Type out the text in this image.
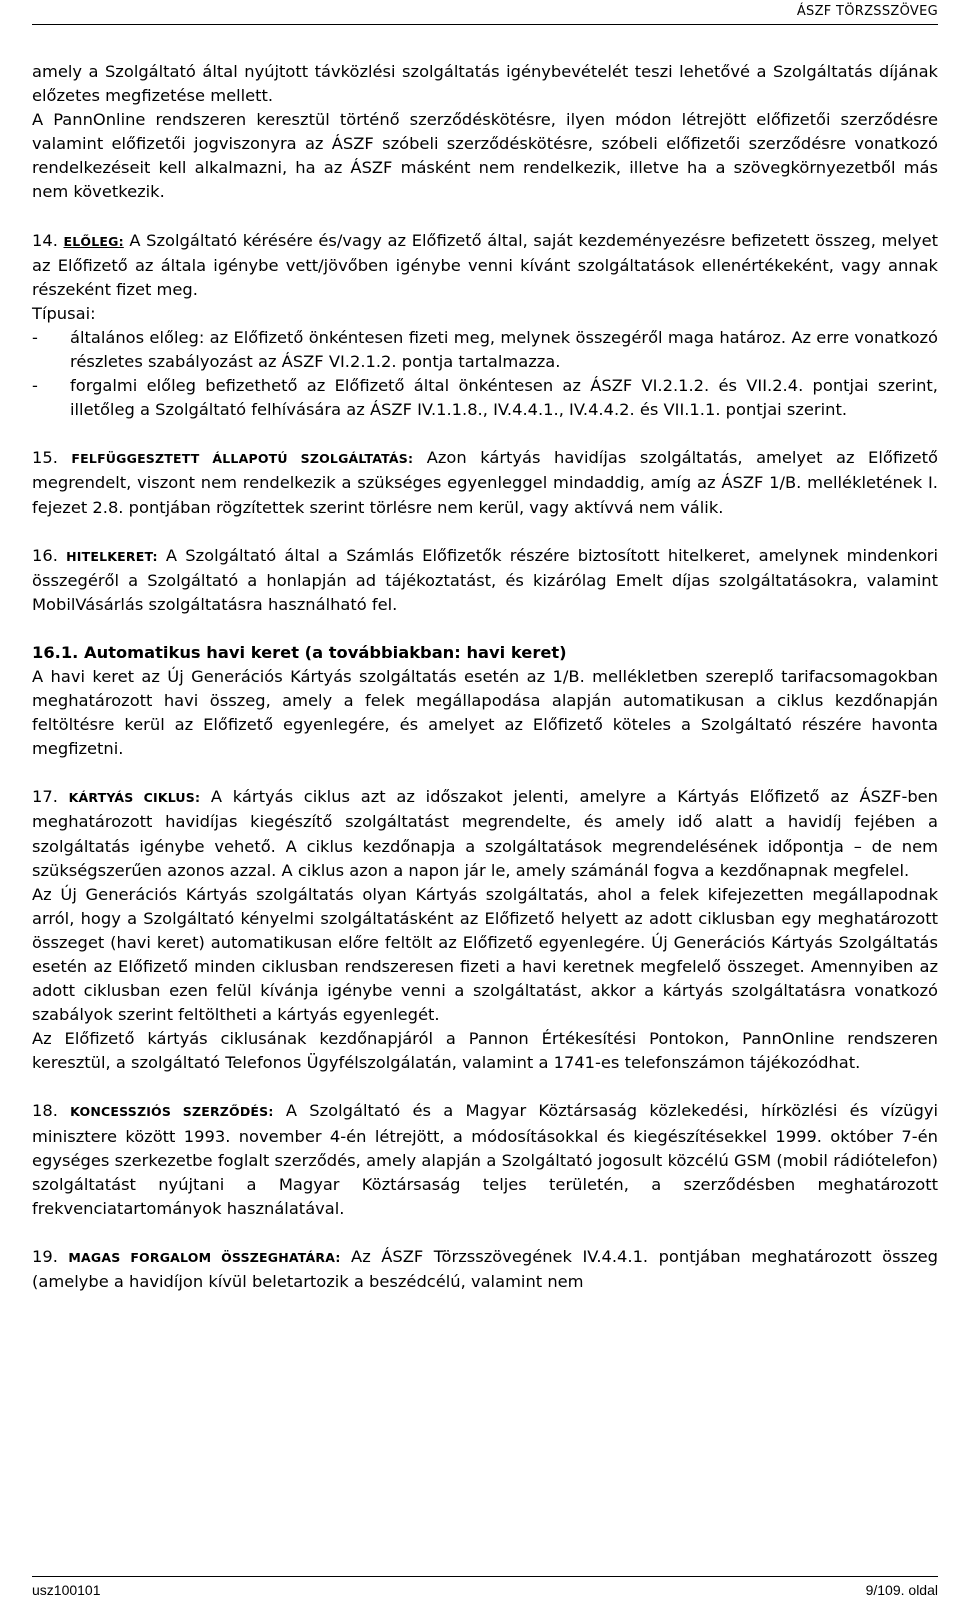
ÁSZF TÖRZSSZÖVEG

amely a Szolgáltató által nyújtott távközlési szolgáltatás igénybevételét teszi lehetővé a Szolgáltatás díjának előzetes megfizetése mellett.

A PannOnline rendszeren keresztül történő szerződéskötésre, ilyen módon létrejött előfizetői szerződésre valamint előfizetői jogviszonyra az ÁSZF szóbeli szerződéskötésre, szóbeli előfizetői szerződésre vonatkozó rendelkezéseit kell alkalmazni, ha az ÁSZF másként nem rendelkezik, illetve ha a szövegkörnyezetből más nem következik.

14. ELŐLEG: A Szolgáltató kérésére és/vagy az Előfizető által, saját kezdeményezésre befizetett összeg, melyet az Előfizető az általa igénybe vett/jövőben igénybe venni kívánt szolgáltatások ellenértékeként, vagy annak részeként fizet meg.

Típusai:

-	általános előleg: az Előfizető önkéntesen fizeti meg, melynek összegéről maga határoz. Az erre vonatkozó részletes szabályozást az ÁSZF VI.2.1.2. pontja tartalmazza.
-	forgalmi előleg befizethető az Előfizető által önkéntesen az ÁSZF VI.2.1.2. és VII.2.4. pontjai szerint, illetőleg a Szolgáltató felhívására az ÁSZF IV.1.1.8., IV.4.4.1., IV.4.4.2. és VII.1.1. pontjai szerint.

15. FELFÜGGESZTETT ÁLLAPOTÚ SZOLGÁLTATÁS: Azon kártyás havidíjas szolgáltatás, amelyet az Előfizető megrendelt, viszont nem rendelkezik a szükséges egyenleggel mindaddig, amíg az ÁSZF 1/B. mellékletének I. fejezet 2.8. pontjában rögzítettek szerint törlésre nem kerül, vagy aktívvá nem válik.

16. HITELKERET: A Szolgáltató által a Számlás Előfizetők részére biztosított hitelkeret, amelynek mindenkori összegéről a Szolgáltató a honlapján ad tájékoztatást, és kizárólag Emelt díjas szolgáltatásokra, valamint MobilVásárlás szolgáltatásra használható fel.

16.1. Automatikus havi keret (a továbbiakban: havi keret)

A havi keret az Új Generációs Kártyás szolgáltatás esetén az 1/B. mellékletben szereplő tarifacsomagokban meghatározott havi összeg, amely a felek megállapodása alapján automatikusan a ciklus kezdőnapján feltöltésre kerül az Előfizető egyenlegére, és amelyet az Előfizető köteles a Szolgáltató részére havonta megfizetni.

17. KÁRTYÁS CIKLUS: A kártyás ciklus azt az időszakot jelenti, amelyre a Kártyás Előfizető az ÁSZF-ben meghatározott havidíjas kiegészítő szolgáltatást megrendelte, és amely idő alatt a havidíj fejében a szolgáltatás igénybe vehető. A ciklus kezdőnapja a szolgáltatások megrendelésének időpontja – de nem szükségszerűen azonos azzal. A ciklus azon a napon jár le, amely számánál fogva a kezdőnapnak megfelel.

Az Új Generációs Kártyás szolgáltatás olyan Kártyás szolgáltatás, ahol a felek kifejezetten megállapodnak arról, hogy a Szolgáltató kényelmi szolgáltatásként az Előfizető helyett az adott ciklusban egy meghatározott összeget (havi keret) automatikusan előre feltölt az Előfizető egyenlegére. Új Generációs Kártyás Szolgáltatás esetén az Előfizető minden ciklusban rendszeresen fizeti a havi keretnek megfelelő összeget. Amennyiben az adott ciklusban ezen felül kívánja igénybe venni a szolgáltatást, akkor a kártyás szolgáltatásra vonatkozó szabályok szerint feltöltheti a kártyás egyenlegét.

Az Előfizető kártyás ciklusának kezdőnapjáról a Pannon Értékesítési Pontokon, PannOnline rendszeren keresztül, a szolgáltató Telefonos Ügyfélszolgálatán, valamint a 1741-es telefonszámon tájékozódhat.

18. KONCESSZIÓS SZERZŐDÉS: A Szolgáltató és a Magyar Köztársaság közlekedési, hírközlési és vízügyi minisztere között 1993. november 4-én létrejött, a módosításokkal és kiegészítésekkel 1999. október 7-én egységes szerkezetbe foglalt szerződés, amely alapján a Szolgáltató jogosult közcélú GSM (mobil rádiótelefon) szolgáltatást nyújtani a Magyar Köztársaság teljes területén, a szerződésben meghatározott frekvenciatartományok használatával.

19. MAGAS FORGALOM ÖSSZEGHATÁRA: Az ÁSZF Törzsszövegének IV.4.4.1. pontjában meghatározott összeg (amelybe a havidíjon kívül beletartozik a beszédcélú, valamint nem

usz100101	9/109. oldal
